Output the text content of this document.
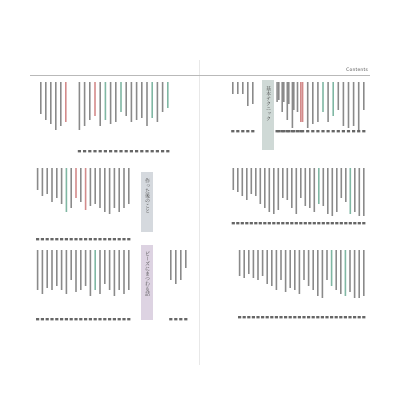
Contents
基本テクニック
作った後のこと
ビーズにまつわる話
